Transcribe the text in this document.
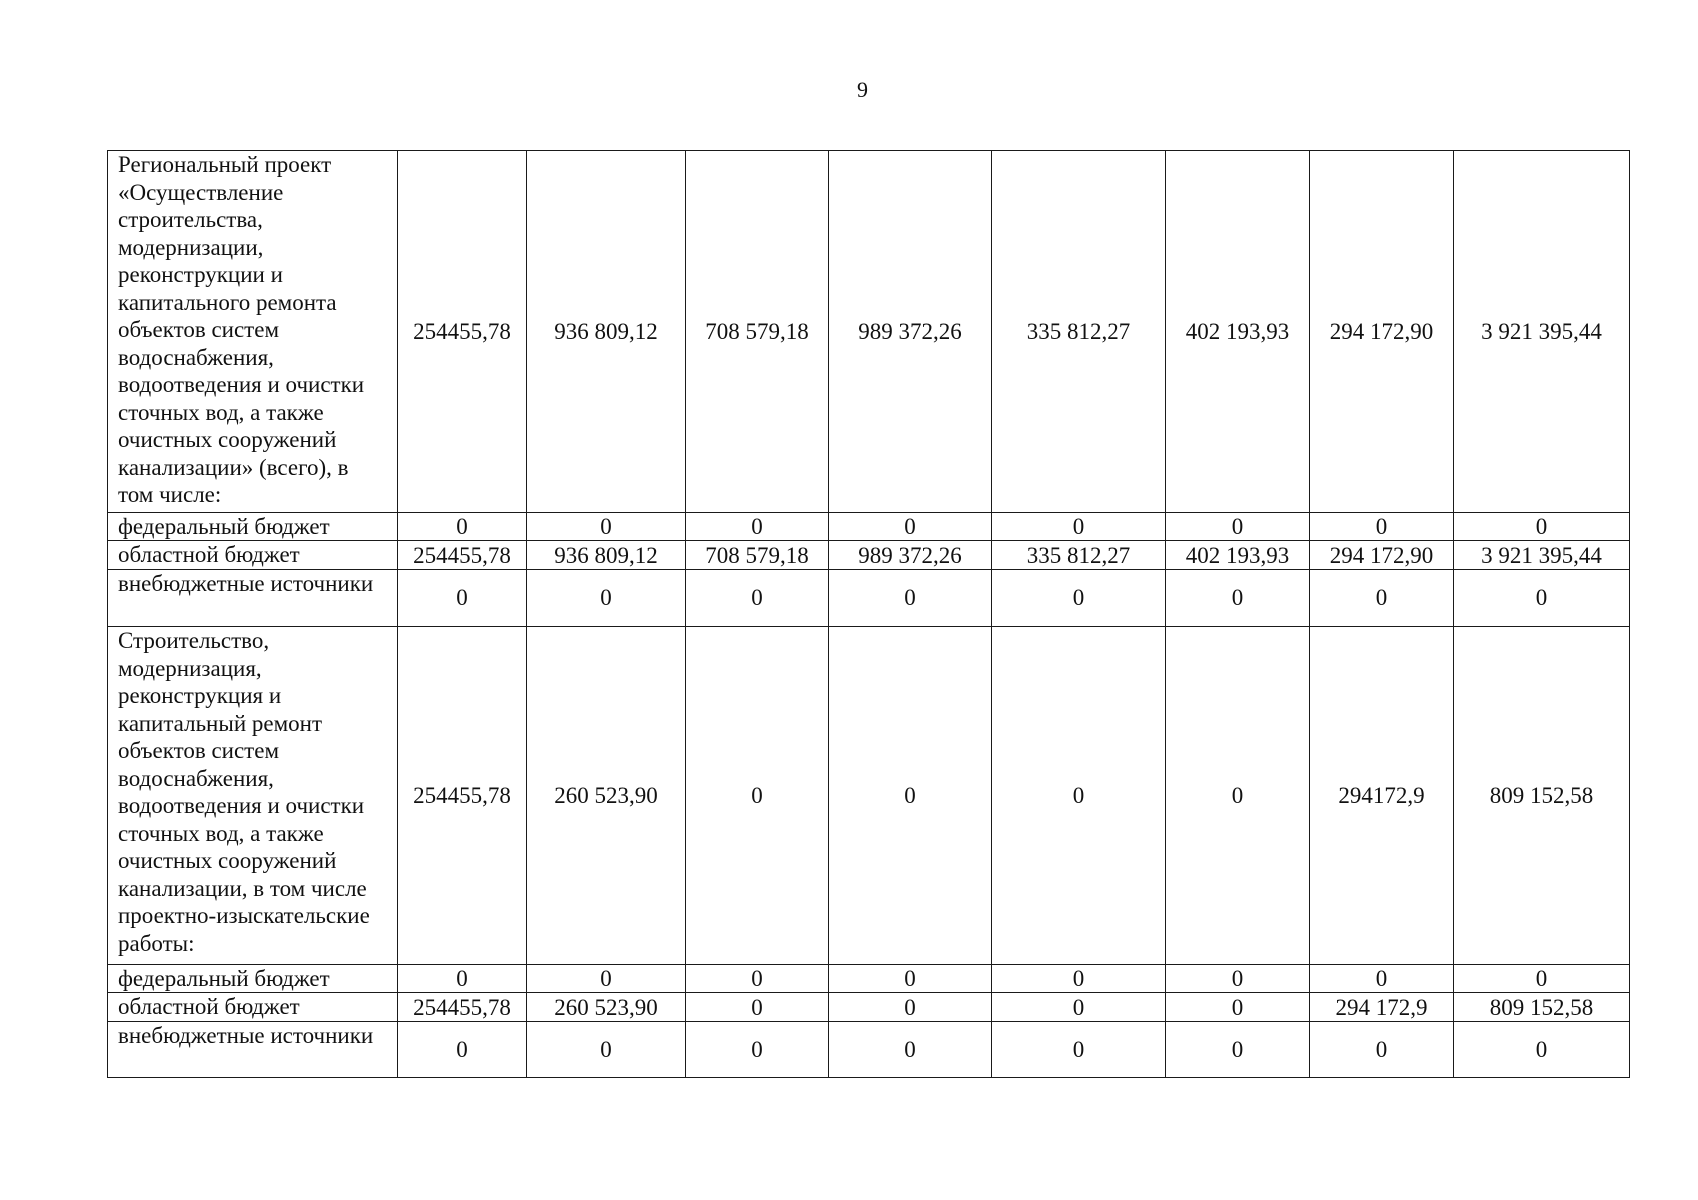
9
Региональный проект «Осуществление строительства, модернизации, реконструкции и капитального ремонта объектов систем водоснабжения, водоотведения и очистки сточных вод, а также очистных сооружений канализации» (всего), в том числе:	254455,78	936 809,12	708 579,18	989 372,26	335 812,27	402 193,93	294 172,90	3 921 395,44
федеральный бюджет	0	0	0	0	0	0	0	0
областной бюджет	254455,78	936 809,12	708 579,18	989 372,26	335 812,27	402 193,93	294 172,90	3 921 395,44
внебюджетные источники	0	0	0	0	0	0	0	0
Строительство, модернизация, реконструкция и капитальный ремонт объектов систем водоснабжения, водоотведения и очистки сточных вод, а также очистных сооружений канализации, в том числе проектно-изыскательские работы:	254455,78	260 523,90	0	0	0	0	294172,9	809 152,58
федеральный бюджет	0	0	0	0	0	0	0	0
областной бюджет	254455,78	260 523,90	0	0	0	0	294 172,9	809 152,58
внебюджетные источники	0	0	0	0	0	0	0	0
